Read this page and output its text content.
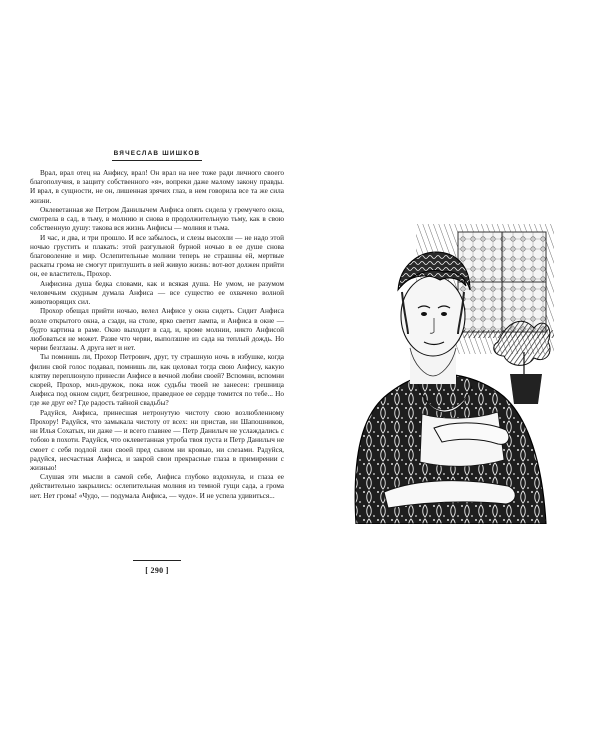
ВЯЧЕСЛАВ ШИШКОВ

Врал, врал отец на Анфису, врал! Он врал на нее тоже ради личного своего благополучия, в защиту собственного «я», вопреки даже малому закону правды. И врал, в сущности, не он, лишенная зрячих глаз, в нем говорила все та же сила жизни.

Оклеветанная же Петром Данилычем Анфиса опять сидела у гремучего окна, смотрела в сад, в тьму, в молнию и снова в продолжительную тьму, как в свою собственную душу: такова вся жизнь Анфисы — молния и тьма.

И час, и два, и три прошло. И все забылось, и слезы высохли — не надо этой ночью грустить и плакать: этой разгульной бурной ночью в ее душе снова благоволение и мир. Ослепительные молнии теперь не страшны ей, мертвые раскаты грома не смогут приглушить в ней живую жизнь: вот-вот должен прийти он, ее властитель, Прохор.

Анфисина душа бедка словами, как и всякая душа. Не умом, не разумом человечьим скудным думала Анфиса — все существо ее охвачено волной животворящих сил.

Прохор обещал прийти ночью, велел Анфисе у окна сидеть. Сидит Анфиса возле открытого окна, а сзади, на столе, ярко светит лампа, и Анфиса в окне — будто картина в раме. Окно выходит в сад, и, кроме молнии, никто Анфисой любоваться не может. Разве что черви, выползшие из сада на теплый дождь. Но черви безглазы. А друга нет и нет.

Ты помнишь ли, Прохор Петрович, друг, ту страшную ночь в избушке, когда филин свой голос подавал, помнишь ли, как целовал тогда свою Анфису, какую клятву переплюнуло принесли Анфисе в вечной любви своей? Вспомни, вспомни скорей, Прохор, мил-дружок, пока нож судьбы твоей не занесен: грешница Анфиса под окном сидит, безгрешное, праведное ее сердце томится по тебе... Но где же друг ее? Где радость тайной свадьбы?

Радуйся, Анфиса, принесшая нетронутую чистоту свою возлюбленному Прохору! Радуйся, что замыкала чистоту от всех: ни пристав, ни Шапошников, ни Илья Сохатых, ни даже — и всего главнее — Петр Данилыч не услаждались с тобою в похоти. Радуйся, что оклеветанная утроба твоя пуста и Петр Данилыч не смоет с себя подлой лжи своей пред сыном ни кровью, ни слезами. Радуйся, радуйся, несчастная Анфиса, и закрой свои прекрасные глаза в примирении с жизнью!

Слушая эти мысли в самой себе, Анфиса глубоко вздохнула, и глаза ее действительно закрылись: ослепительная молния из темной гущи сада, а грома нет. Нет грома! «Чудо, — подумала Анфиса, — чудо». И не успела удивиться...

[ 290 ]
